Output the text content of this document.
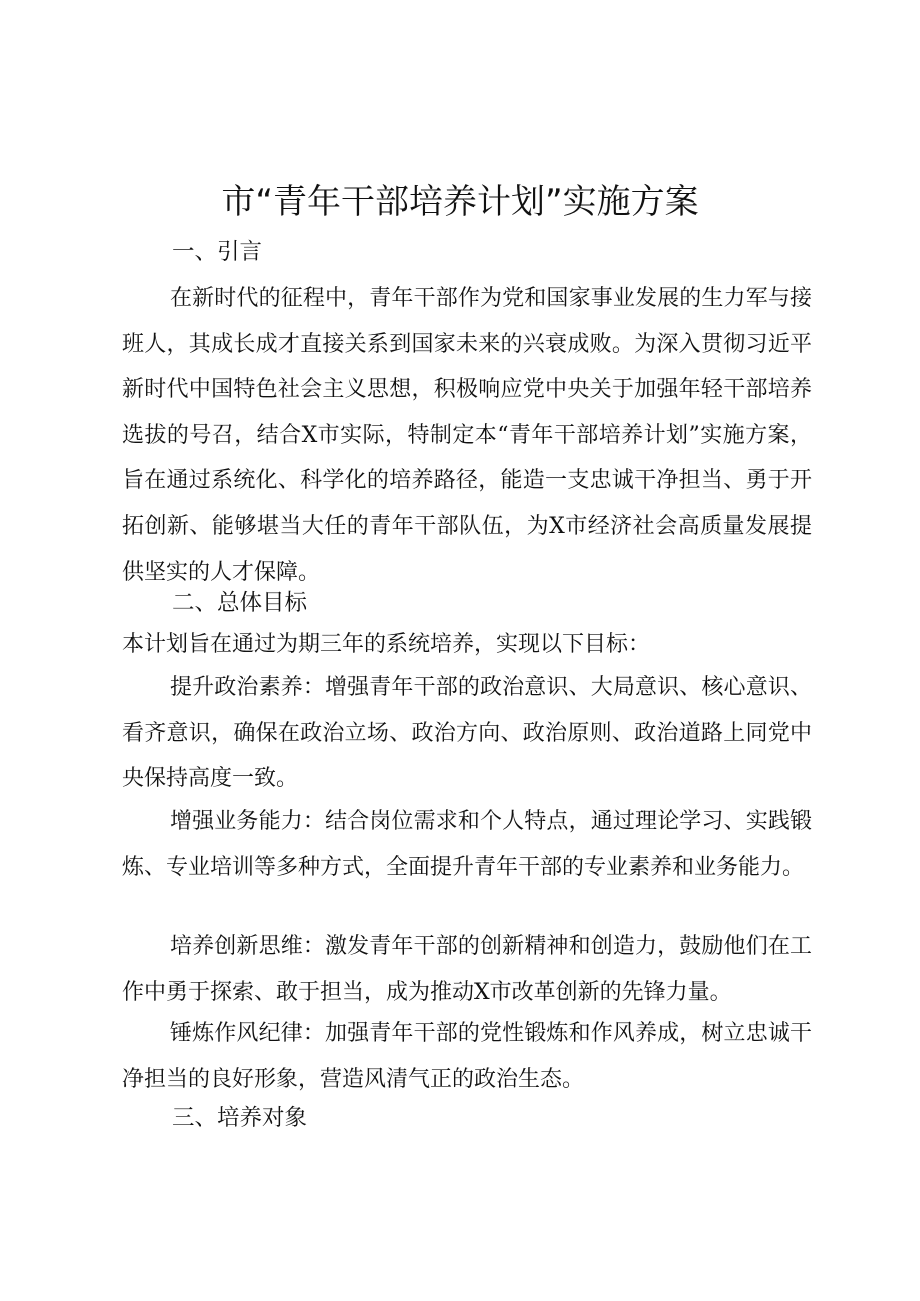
市“青年干部培养计划”实施方案
一、引言
在新时代的征程中，青年干部作为党和国家事业发展的生力军与接班人，其成长成才直接关系到国家未来的兴衰成败。为深入贯彻习近平新时代中国特色社会主义思想，积极响应党中央关于加强年轻干部培养选拔的号召，结合X市实际，特制定本“青年干部培养计划”实施方案，旨在通过系统化、科学化的培养路径，能造一支忠诚干净担当、勇于开拓创新、能够堪当大任的青年干部队伍，为X市经济社会高质量发展提供坚实的人才保障。
二、总体目标
本计划旨在通过为期三年的系统培养，实现以下目标：
提升政治素养：增强青年干部的政治意识、大局意识、核心意识、看齐意识，确保在政治立场、政治方向、政治原则、政治道路上同党中央保持高度一致。
增强业务能力：结合岗位需求和个人特点，通过理论学习、实践锻炼、专业培训等多种方式，全面提升青年干部的专业素养和业务能力。
培养创新思维：激发青年干部的创新精神和创造力，鼓励他们在工作中勇于探索、敢于担当，成为推动X市改革创新的先锋力量。
锤炼作风纪律：加强青年干部的党性锻炼和作风养成，树立忠诚干净担当的良好形象，营造风清气正的政治生态。
三、培养对象
